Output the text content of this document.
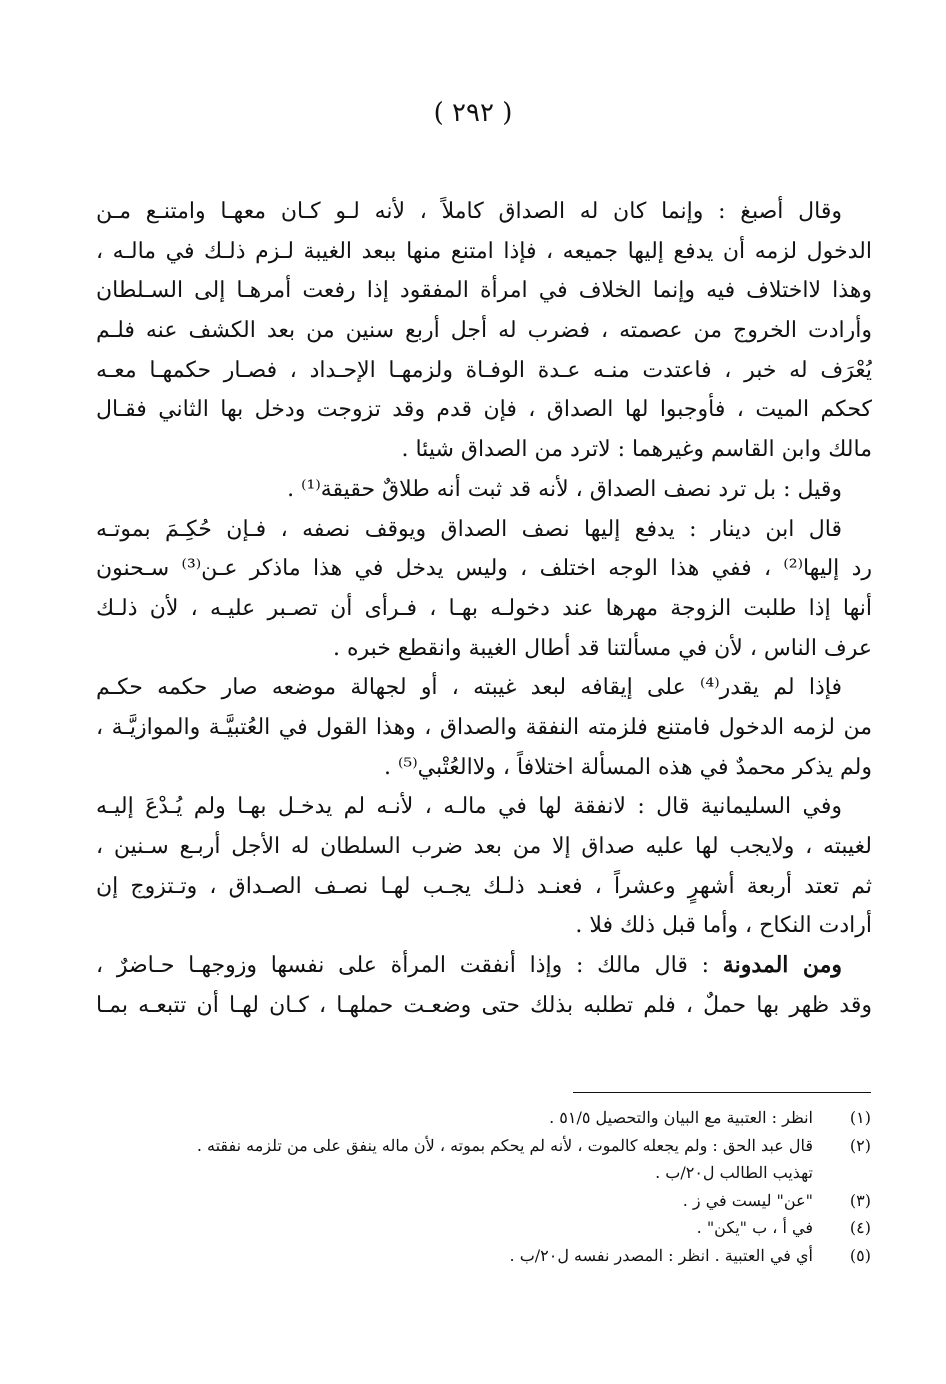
( ٢٩٢ )
وقال أصبغ : وإنما كان له الصداق كاملاً ، لأنه لـو كـان معهـا وامتنـع مـن
الدخول لزمه أن يدفع إليها جميعه ، فإذا امتنع منها ببعد الغيبة لـزم ذلـك في مالـه ،
وهذا لااختلاف فيه وإنما الخلاف في امرأة المفقود إذا رفعت أمرهـا إلى السـلطان
وأرادت الخروج من عصمته ، فضرب له أجل أربع سنين من بعد الكشف عنه فلـم
يُعْرَف له خبر ، فاعتدت منـه عـدة الوفـاة ولزمهـا الإحـداد ، فصـار حكمهـا معـه
كحكم الميت ، فأوجبوا لها الصداق ، فإن قدم وقد تزوجت ودخل بها الثاني فقـال
مالك وابن القاسم وغيرهما : لاترد من الصداق شيئا .
وقيل : بل ترد نصف الصداق ، لأنه قد ثبت أنه طلاقٌ حقيقة⁽¹⁾ .
قال ابن دينار : يدفع إليها نصف الصداق ويوقف نصفه ، فـإن حُكِـمَ بموتـه
رد إليها⁽²⁾ ، ففي هذا الوجه اختلف ، وليس يدخل في هذا ماذكر عـن⁽³⁾ سـحنون
أنها إذا طلبت الزوجة مهرها عند دخولـه بهـا ، فـرأى أن تصـبر عليـه ، لأن ذلـك
عرف الناس ، لأن في مسألتنا قد أطال الغيبة وانقطع خبره .
فإذا لم يقدر⁽⁴⁾ على إيقافه لبعد غيبته ، أو لجهالة موضعه صار حكمه حكـم
من لزمه الدخول فامتنع فلزمته النفقة والصداق ، وهذا القول في العُتبيَّـة والموازيَّـة ،
ولم يذكر محمدٌ في هذه المسألة اختلافاً ، ولاالعُتْبي⁽⁵⁾ .
وفي السليمانية قال : لانفقة لها في مالـه ، لأنـه لم يدخـل بهـا ولم يُـدْعَ إليـه
لغيبته ، ولايجب لها عليه صداق إلا من بعد ضرب السلطان له الأجل أربـع سـنين ،
ثم تعتد أربعة أشهرٍ وعشراً ، فعنـد ذلـك يجـب لهـا نصـف الصـداق ، وتـتزوج إن
أرادت النكاح ، وأما قبل ذلك فلا .
ومن المدونة : قال مالك : وإذا أنفقت المرأة على نفسها وزوجهـا حـاضرٌ ،
وقد ظهر بها حملٌ ، فلم تطلبه بذلك حتى وضعـت حملهـا ، كـان لهـا أن تتبعـه بمـا
(١)
انظر : العتبية مع البيان والتحصيل ٥١/٥ .
(٢)
قال عبد الحق : ولم يجعله كالموت ، لأنه لم يحكم بموته ، لأن ماله ينفق على من تلزمه نفقته .
تهذيب الطالب ل٢٠/ب .
(٣)
"عن" ليست في ز .
(٤)
في أ ، ب "يكن" .
(٥)
أي في العتبية . انظر : المصدر نفسه ل٢٠/ب .
